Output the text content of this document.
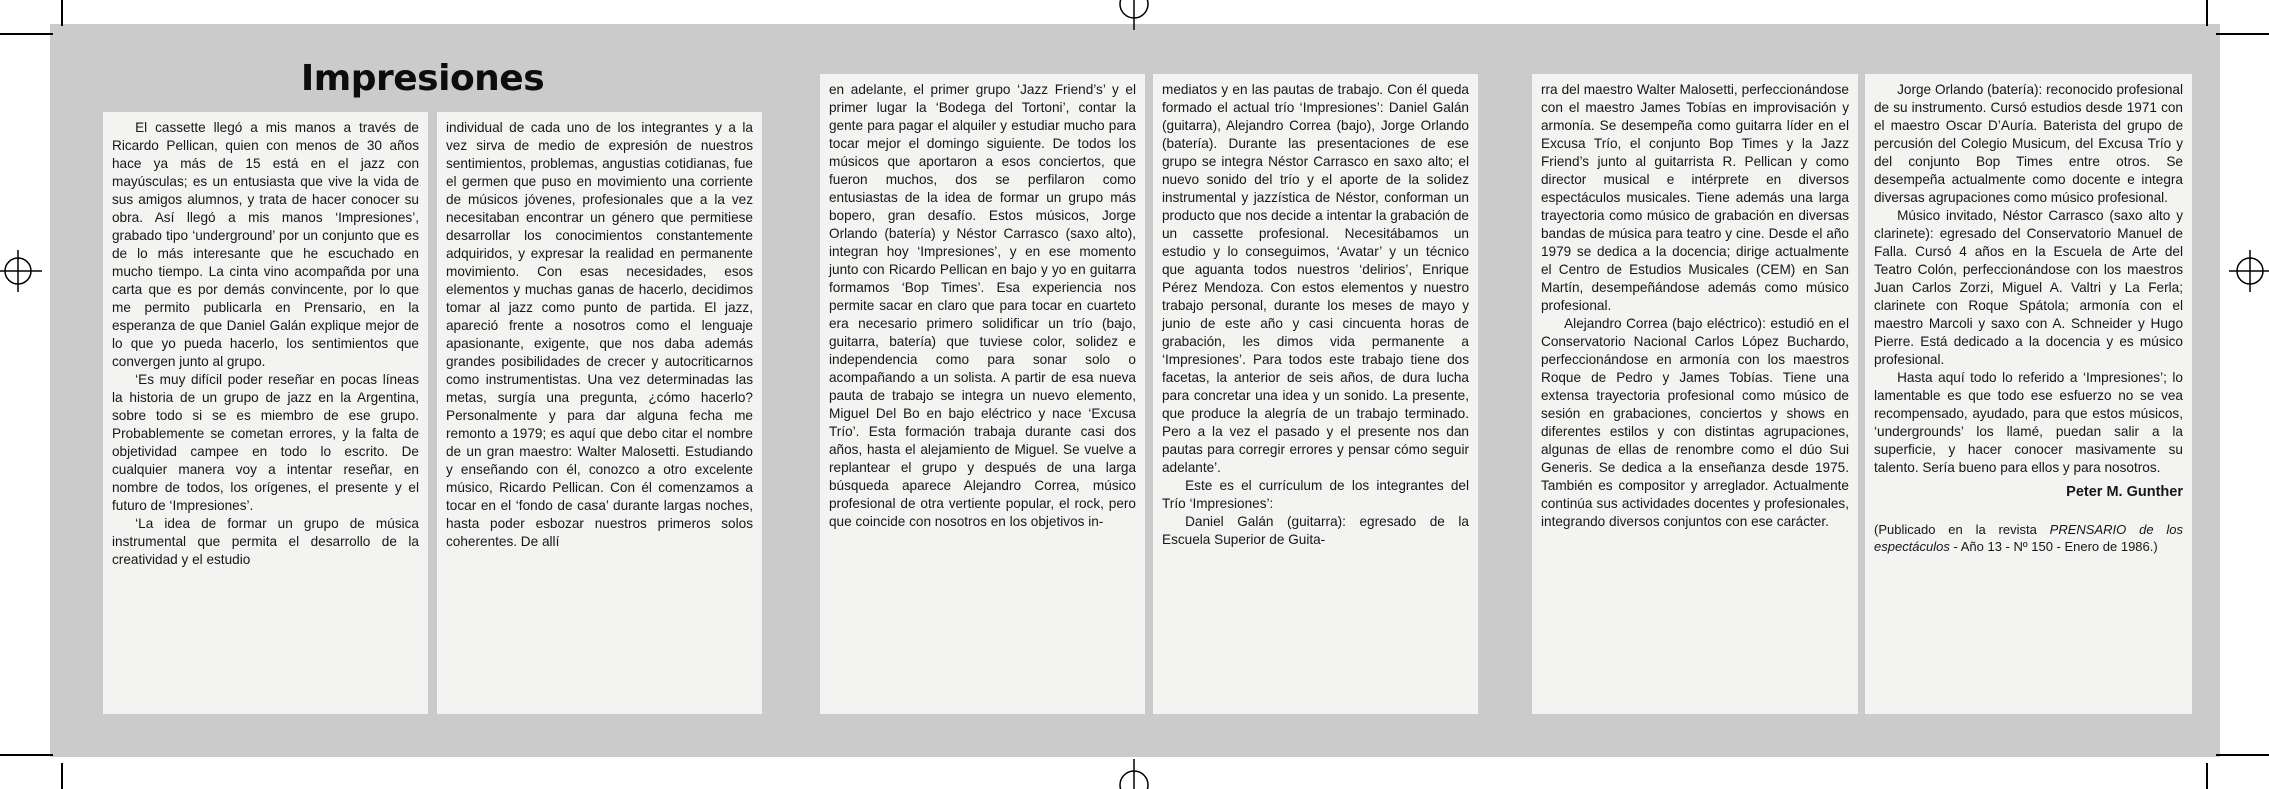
Impresiones

El cassette llegó a mis manos a través de Ricardo Pellican, quien con menos de 30 años hace ya más de 15 está en el jazz con mayúsculas; es un entusiasta que vive la vida de sus amigos alumnos, y trata de hacer conocer su obra. Así llegó a mis manos ‘Impresiones’, grabado tipo ‘underground’ por un conjunto que es de lo más interesante que he escuchado en mucho tiempo. La cinta vino acompañda por una carta que es por demás convincente, por lo que me permito publicarla en Prensario, en la esperanza de que Daniel Galán explique mejor de lo que yo pueda hacerlo, los sentimientos que convergen junto al grupo.

‘Es muy difícil poder reseñar en pocas líneas la historia de un grupo de jazz en la Argentina, sobre todo si se es miembro de ese grupo. Probablemente se cometan errores, y la falta de objetividad campee en todo lo escrito. De cualquier manera voy a intentar reseñar, en nombre de todos, los orígenes, el presente y el futuro de ‘Impresiones’.

‘La idea de formar un grupo de música instrumental que permita el desarrollo de la creatividad y el estudio

individual de cada uno de los integrantes y a la vez sirva de medio de expresión de nuestros sentimientos, problemas, angustias cotidianas, fue el germen que puso en movimiento una corriente de músicos jóvenes, profesionales que a la vez necesitaban encontrar un género que permitiese desarrollar los conocimientos constantemente adquiridos, y expresar la realidad en permanente movimiento. Con esas necesidades, esos elementos y muchas ganas de hacerlo, decidimos tomar al jazz como punto de partida. El jazz, apareció frente a nosotros como el lenguaje apasionante, exigente, que nos daba además grandes posibilidades de crecer y autocriticarnos como instrumentistas. Una vez determinadas las metas, surgía una pregunta, ¿cómo hacerlo? Personalmente y para dar alguna fecha me remonto a 1979; es aquí que debo citar el nombre de un gran maestro: Walter Malosetti. Estudiando y enseñando con él, conozco a otro excelente músico, Ricardo Pellican. Con él comenzamos a tocar en el ‘fondo de casa’ durante largas noches, hasta poder esbozar nuestros primeros solos coherentes. De allí

en adelante, el primer grupo ‘Jazz Friend’s’ y el primer lugar la ‘Bodega del Tortoni’, contar la gente para pagar el alquiler y estudiar mucho para tocar mejor el domingo siguiente. De todos los músicos que aportaron a esos conciertos, que fueron muchos, dos se perfilaron como entusiastas de la idea de formar un grupo más bopero, gran desafío. Estos músicos, Jorge Orlando (batería) y Néstor Carrasco (saxo alto), integran hoy ‘Impresiones’, y en ese momento junto con Ricardo Pellican en bajo y yo en guitarra formamos ‘Bop Times’. Esa experiencia nos permite sacar en claro que para tocar en cuarteto era necesario primero solidificar un trío (bajo, guitarra, batería) que tuviese color, solidez e independencia como para sonar solo o acompañando a un solista. A partir de esa nueva pauta de trabajo se integra un nuevo elemento, Miguel Del Bo en bajo eléctrico y nace ‘Excusa Trío’. Esta formación trabaja durante casi dos años, hasta el alejamiento de Miguel. Se vuelve a replantear el grupo y después de una larga búsqueda aparece Alejandro Correa, músico profesional de otra vertiente popular, el rock, pero que coincide con nosotros en los objetivos in-

mediatos y en las pautas de trabajo. Con él queda formado el actual trío ‘Impresiones’: Daniel Galán (guitarra), Alejandro Correa (bajo), Jorge Orlando (batería). Durante las presentaciones de ese grupo se integra Néstor Carrasco en saxo alto; el nuevo sonido del trío y el aporte de la solidez instrumental y jazzística de Néstor, conforman un producto que nos decide a intentar la grabación de un cassette profesional. Necesitábamos un estudio y lo conseguimos, ‘Avatar’ y un técnico que aguanta todos nuestros ‘delirios’, Enrique Pérez Mendoza. Con estos elementos y nuestro trabajo personal, durante los meses de mayo y junio de este año y casi cincuenta horas de grabación, les dimos vida permanente a ‘Impresiones’. Para todos este trabajo tiene dos facetas, la anterior de seis años, de dura lucha para concretar una idea y un sonido. La presente, que produce la alegría de un trabajo terminado. Pero a la vez el pasado y el presente nos dan pautas para corregir errores y pensar cómo seguir adelante’.

Este es el currículum de los integrantes del Trío ‘Impresiones’:

Daniel Galán (guitarra): egresado de la Escuela Superior de Guita-

rra del maestro Walter Malosetti, perfeccionándose con el maestro James Tobías en improvisación y armonía. Se desempeña como guitarra líder en el Excusa Trío, el conjunto Bop Times y la Jazz Friend’s junto al guitarrista R. Pellican y como director musical e intérprete en diversos espectáculos musicales. Tiene además una larga trayectoria como músico de grabación en diversas bandas de música para teatro y cine. Desde el año 1979 se dedica a la docencia; dirige actualmente el Centro de Estudios Musicales (CEM) en San Martín, desempeñándose además como músico profesional.

Alejandro Correa (bajo eléctrico): estudió en el Conservatorio Nacional Carlos López Buchardo, perfeccionándose en armonía con los maestros Roque de Pedro y James Tobías. Tiene una extensa trayectoria profesional como músico de sesión en grabaciones, conciertos y shows en diferentes estilos y con distintas agrupaciones, algunas de ellas de renombre como el dúo Sui Generis. Se dedica a la enseñanza desde 1975. También es compositor y arreglador. Actualmente continúa sus actividades docentes y profesionales, integrando diversos conjuntos con ese carácter.

Jorge Orlando (batería): reconocido profesional de su instrumento. Cursó estudios desde 1971 con el maestro Oscar D’Auría. Baterista del grupo de percusión del Colegio Musicum, del Excusa Trío y del conjunto Bop Times entre otros. Se desempeña actualmente como docente e integra diversas agrupaciones como músico profesional.

Músico invitado, Néstor Carrasco (saxo alto y clarinete): egresado del Conservatorio Manuel de Falla. Cursó 4 años en la Escuela de Arte del Teatro Colón, perfeccionándose con los maestros Juan Carlos Zorzi, Miguel A. Valtri y La Ferla; clarinete con Roque Spátola; armonía con el maestro Marcoli y saxo con A. Schneider y Hugo Pierre. Está dedicado a la docencia y es músico profesional.

Hasta aquí todo lo referido a ‘Impresiones’; lo lamentable es que todo ese esfuerzo no se vea recompensado, ayudado, para que estos músicos, ‘undergrounds’ los llamé, puedan salir a la superficie, y hacer conocer masivamente su talento. Sería bueno para ellos y para nosotros.

Peter M. Gunther

(Publicado en la revista PRENSARIO de los espectáculos - Año 13 - Nº 150 - Enero de 1986.)
